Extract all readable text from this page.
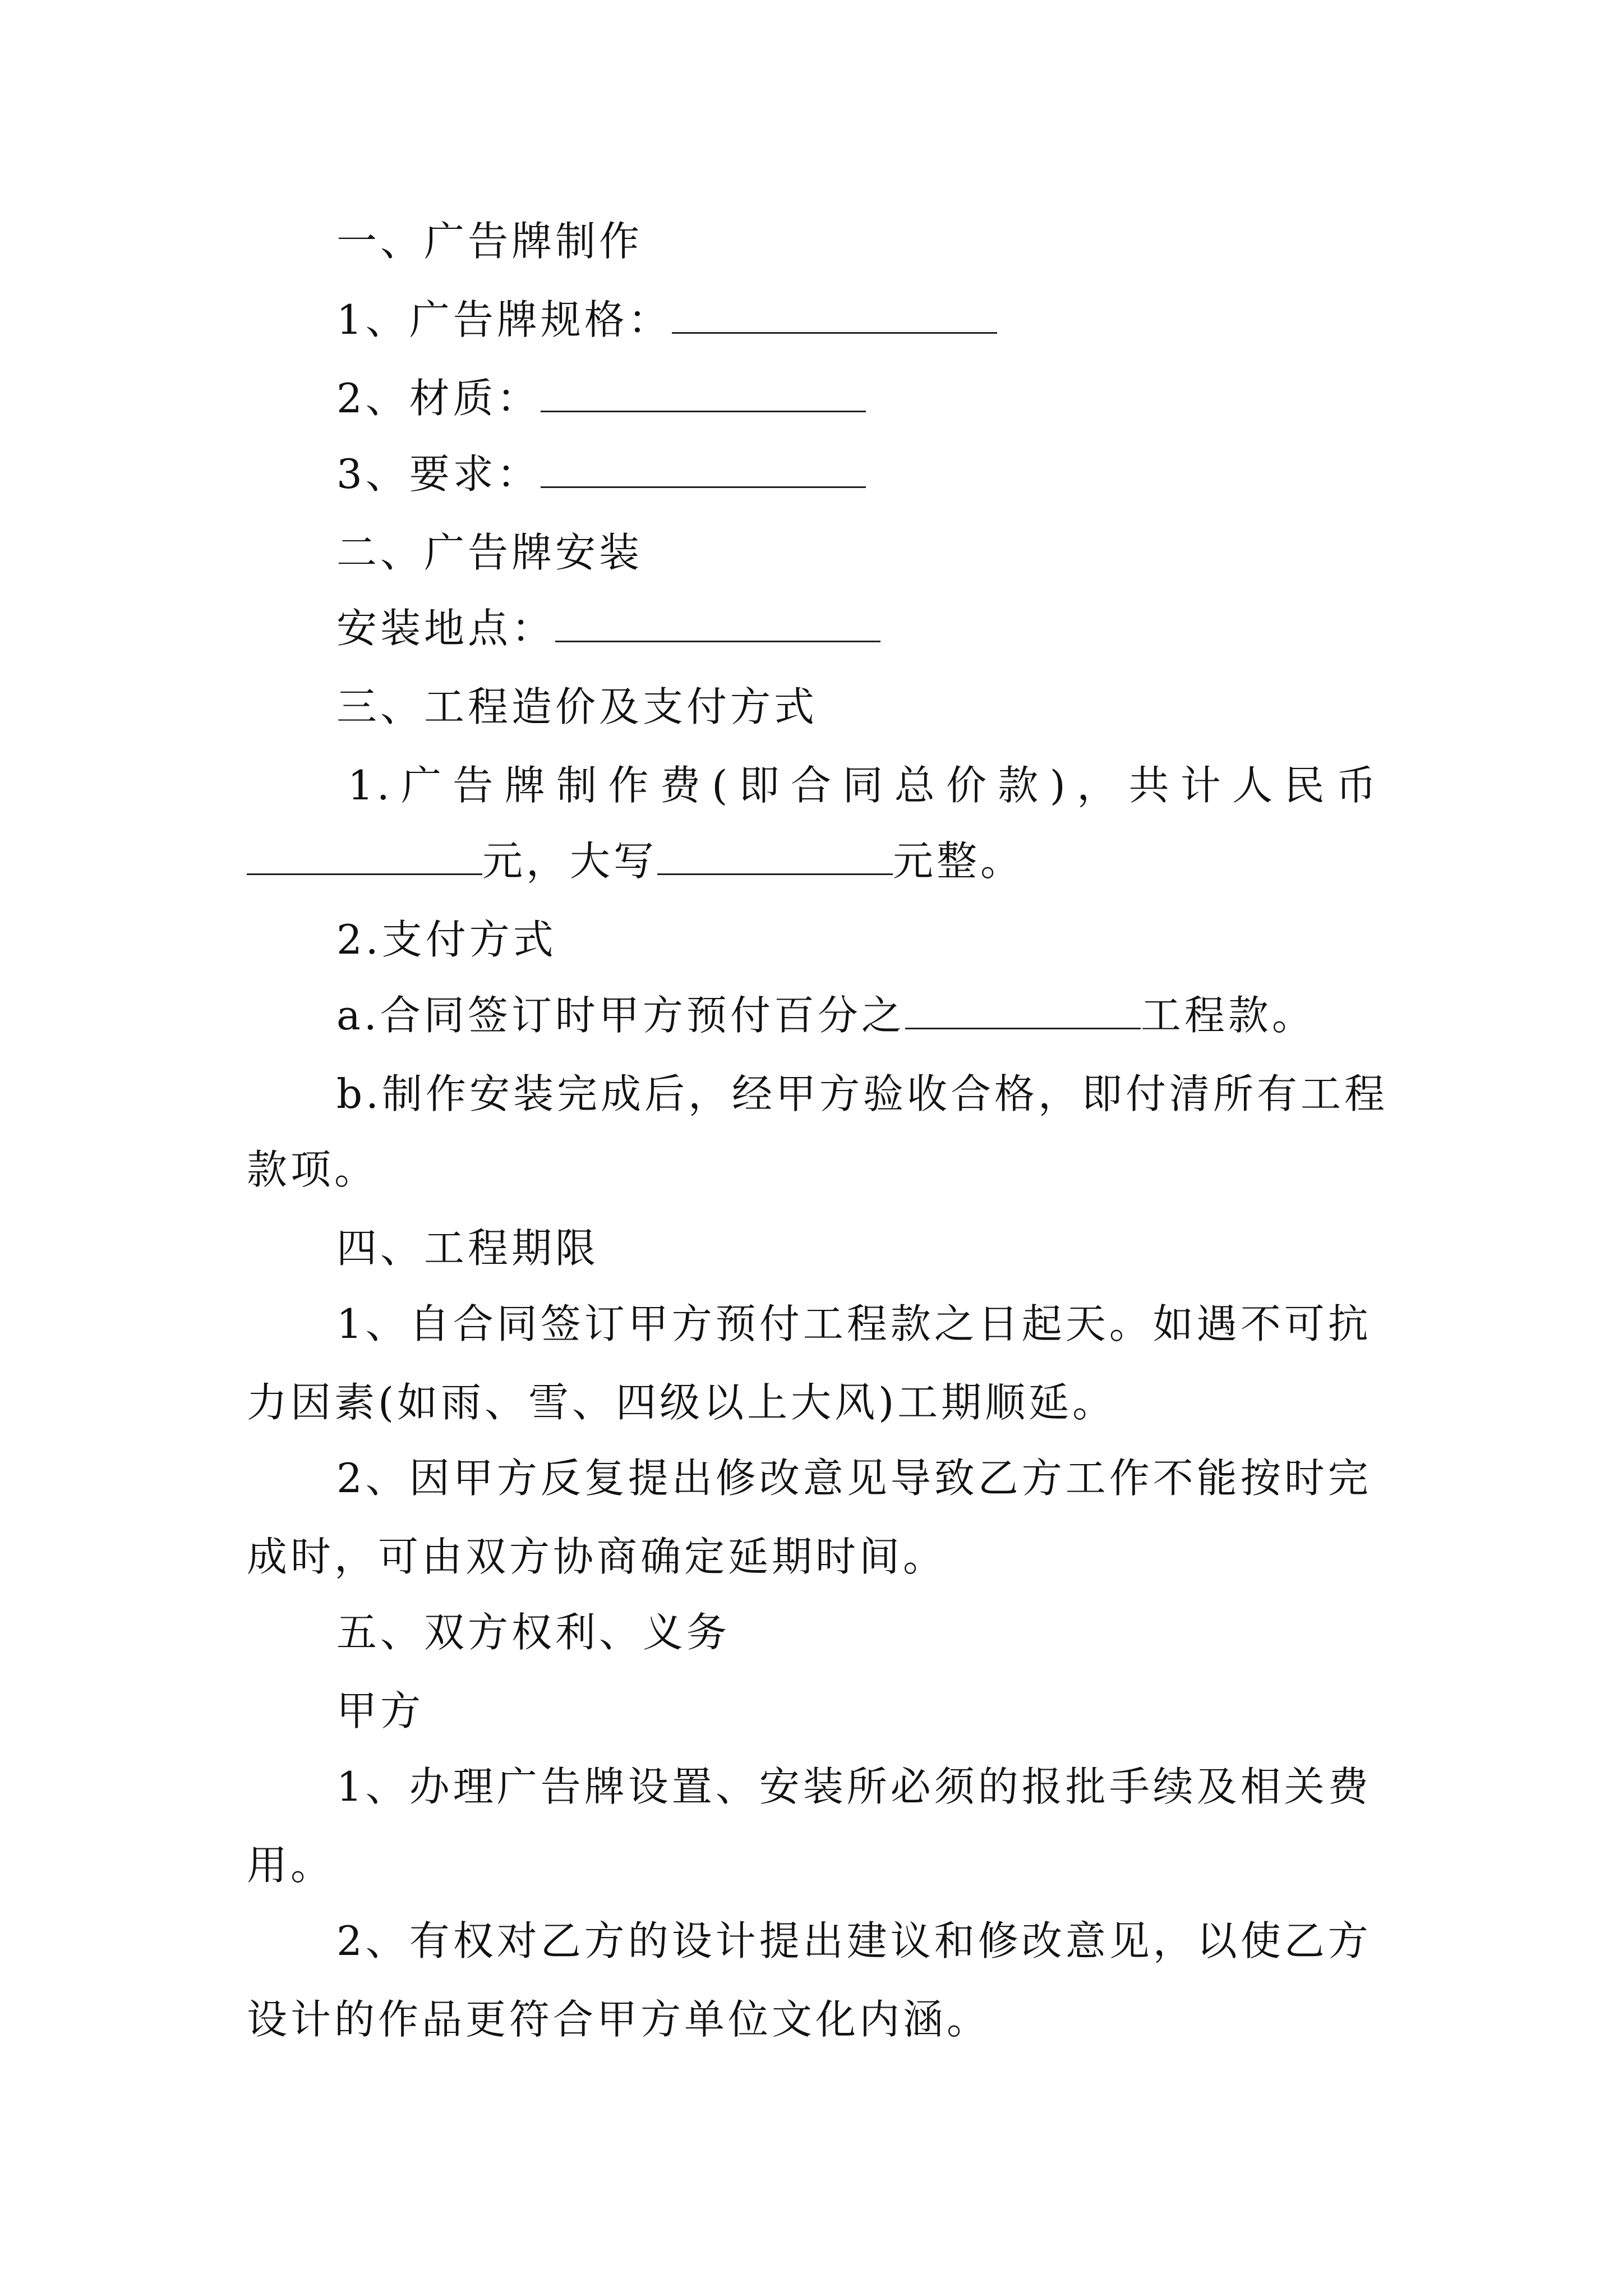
一、广告牌制作
1、广告牌规格：
2、材质：
3、要求：
二、广告牌安装
安装地点：
三、工程造价及支付方式
1.广告牌制作费(即合同总价款)，共计人民币
元，大写	元整。
2.支付方式
a.合同签订时甲方预付百分之	工程款。
b.制作安装完成后，经甲方验收合格，即付清所有工程
款项。
四、工程期限
1、自合同签订甲方预付工程款之日起天。如遇不可抗
力因素(如雨、雪、四级以上大风)工期顺延。
2、因甲方反复提出修改意见导致乙方工作不能按时完
成时，可由双方协商确定延期时间。
五、双方权利、义务
甲方
1、办理广告牌设置、安装所必须的报批手续及相关费
用。
2、有权对乙方的设计提出建议和修改意见，以使乙方
设计的作品更符合甲方单位文化内涵。
